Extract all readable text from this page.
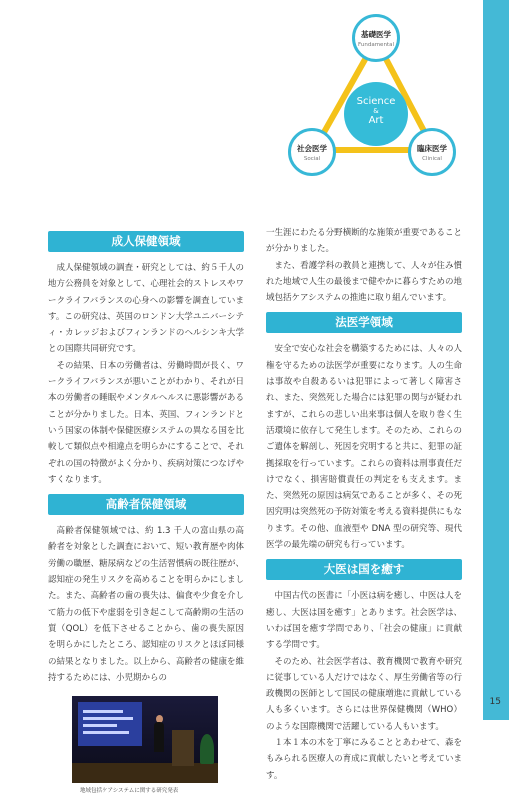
Science
&
Art
基礎医学
Fundamental
社会医学
Social
臨床医学
Clinical
成人保健領域

成人保健領域の調査・研究としては、約５千人の地方公務員を対象として、心理社会的ストレスやワークライフバランスの心身への影響を調査しています。この研究は、英国のロンドン大学ユニバーシティ・カレッジおよびフィンランドのヘルシンキ大学との国際共同研究です。

その結果、日本の労働者は、労働時間が長く、ワークライフバランスが悪いことがわかり、それが日本の労働者の睡眠やメンタルヘルスに悪影響があることが分かりました。日本、英国、フィンランドという国家の体制や保健医療システムの異なる国を比較して類似点や相違点を明らかにすることで、それぞれの国の特徴がよく分かり、疾病対策につなげやすくなります。

高齢者保健領域

高齢者保健領域では、約 1.3 千人の富山県の高齢者を対象とした調査において、短い教育歴や肉体労働の職歴、糖尿病などの生活習慣病の既往歴が、認知症の発生リスクを高めることを明らかにしました。また、高齢者の歯の喪失は、偏食や少食を介して筋力の低下や虚弱を引き起こして高齢期の生活の質（QOL）を低下させることから、歯の喪失原因を明らかにしたところ、認知症のリスクとほぼ同様の結果となりました。以上から、高齢者の健康を維持するためには、小児期からの

地域包括ケアシステムに関する研究発表

一生涯にわたる分野横断的な施策が重要であることが分かりました。

また、看護学科の教員と連携して、人々が住み慣れた地域で人生の最後まで健やかに暮らすための地域包括ケアシステムの推進に取り組んでいます。

法医学領域

安全で安心な社会を構築するためには、人々の人権を守るための法医学が重要になります。人の生命は事故や自殺あるいは犯罪によって著しく障害され、また、突然死した場合には犯罪の関与が疑われますが、これらの悲しい出来事は個人を取り巻く生活環境に依存して発生します。そのため、これらのご遺体を解剖し、死因を究明すると共に、犯罪の証拠採取を行っています。これらの資料は刑事責任だけでなく、損害賠償責任の判定をも支えます。また、突然死の原因は病気であることが多く、その死因究明は突然死の予防対策を考える資料提供にもなります。その他、血液型や DNA 型の研究等、現代医学の最先端の研究も行っています。

大医は国を癒す

中国古代の医書に「小医は病を癒し、中医は人を癒し、大医は国を癒す」とあります。社会医学は、いわば国を癒す学問であり、「社会の健康」に貢献する学問です。

そのため、社会医学者は、教育機関で教育や研究に従事している人だけではなく、厚生労働省等の行政機関の医師として国民の健康増進に貢献している人も多くいます。さらには世界保健機関（WHO）のような国際機関で活躍している人もいます。

１本１本の木を丁寧にみることとあわせて、森をもみられる医療人の育成に貢献したいと考えています。

15
